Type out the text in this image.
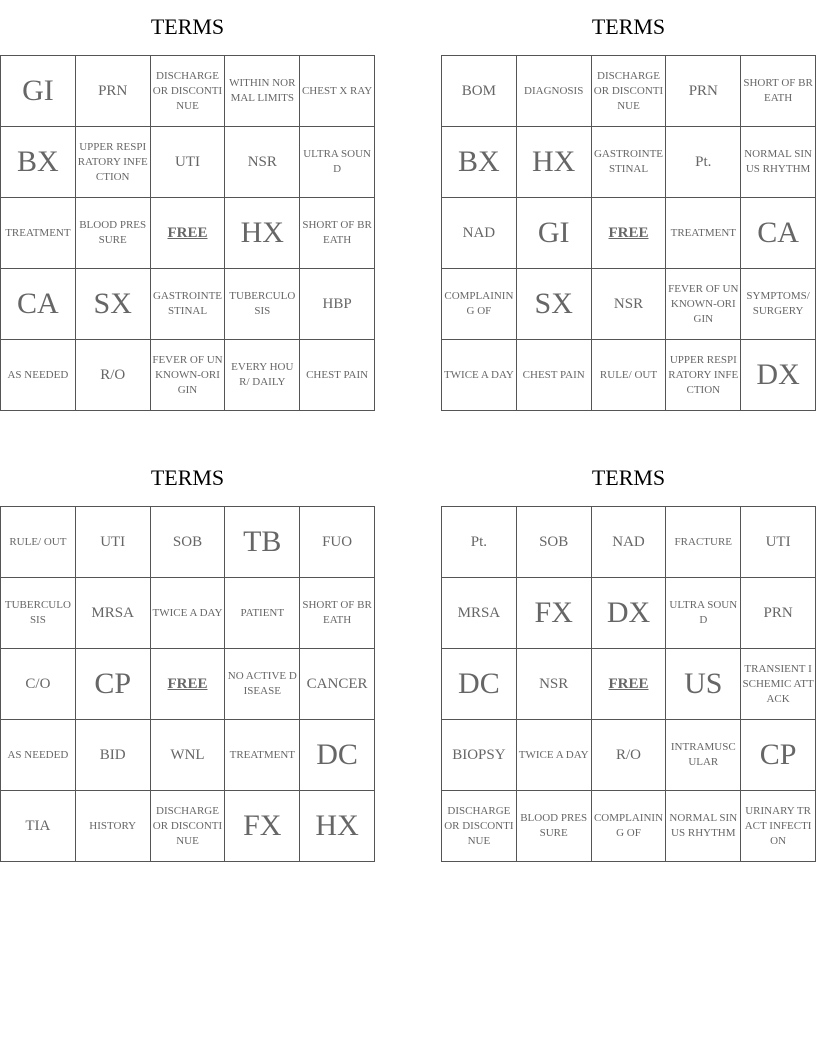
TERMS
GI	PRN	DISCHARGE OR DISCONTINUE	WITHIN NORMAL LIMITS	CHEST X RAY
BX	UPPER RESPIRATORY INFECTION	UTI	NSR	ULTRA SOUND
TREATMENT	BLOOD PRESSURE	FREE	HX	SHORT OF BREATH
CA	SX	GASTROINTESTINAL	TUBERCULOSIS	HBP
AS NEEDED	R/O	FEVER OF UNKNOWN-ORIGIN	EVERY HOUR/ DAILY	CHEST PAIN
TERMS
BOM	DIAGNOSIS	DISCHARGE OR DISCONTINUE	PRN	SHORT OF BREATH
BX	HX	GASTROINTESTINAL	Pt.	NORMAL SINUS RHYTHM
NAD	GI	FREE	TREATMENT	CA
COMPLAINING OF	SX	NSR	FEVER OF UNKNOWN-ORIGIN	SYMPTOMS/ SURGERY
TWICE A DAY	CHEST PAIN	RULE/ OUT	UPPER RESPIRATORY INFECTION	DX
TERMS
RULE/ OUT	UTI	SOB	TB	FUO
TUBERCULOSIS	MRSA	TWICE A DAY	PATIENT	SHORT OF BREATH
C/O	CP	FREE	NO ACTIVE DISEASE	CANCER
AS NEEDED	BID	WNL	TREATMENT	DC
TIA	HISTORY	DISCHARGE OR DISCONTINUE	FX	HX
TERMS
Pt.	SOB	NAD	FRACTURE	UTI
MRSA	FX	DX	ULTRA SOUND	PRN
DC	NSR	FREE	US	TRANSIENT ISCHEMIC ATTACK
BIOPSY	TWICE A DAY	R/O	INTRAMUSCULAR	CP
DISCHARGE OR DISCONTINUE	BLOOD PRESSURE	COMPLAINING OF	NORMAL SINUS RHYTHM	URINARY TRACT INFECTION
